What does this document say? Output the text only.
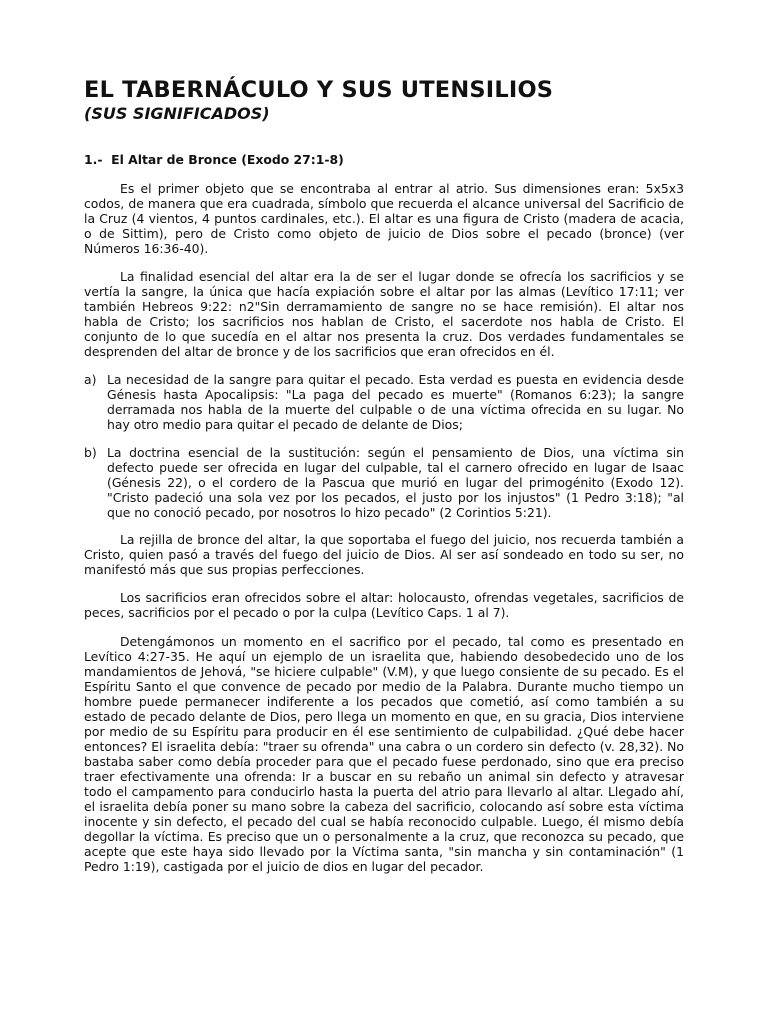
EL TABERNÁCULO Y SUS UTENSILIOS
(SUS SIGNIFICADOS)
1.-  El Altar de Bronce (Exodo 27:1-8)

Es el primer objeto que se encontraba al entrar al atrio. Sus dimensiones eran: 5x5x3 codos, de manera que era cuadrada, símbolo que recuerda el alcance universal del Sacrificio de la Cruz (4 vientos, 4 puntos cardinales, etc.). El altar es una figura de Cristo (madera de acacia, o de Sittim), pero de Cristo como objeto de juicio de Dios sobre el pecado (bronce) (ver Números 16:36-40).

La finalidad esencial del altar era la de ser el lugar donde se ofrecía los sacrificios y se vertía la sangre, la única que hacía expiación sobre el altar por las almas (Levítico 17:11; ver también Hebreos 9:22: n2"Sin derramamiento de sangre no se hace remisión). El altar nos habla de Cristo; los sacrificios nos hablan de Cristo, el sacerdote nos habla de Cristo. El conjunto de lo que sucedía en el altar nos presenta la cruz. Dos verdades fundamentales se desprenden del altar de bronce y de los sacrificios que eran ofrecidos en él.

a) La necesidad de la sangre para quitar el pecado. Esta verdad es puesta en evidencia desde Génesis hasta Apocalipsis: "La paga del pecado es muerte" (Romanos 6:23); la sangre derramada nos habla de la muerte del culpable o de una víctima ofrecida en su lugar. No hay otro medio para quitar el pecado de delante de Dios;

b) La doctrina esencial de la sustitución: según el pensamiento de Dios, una víctima sin defecto puede ser ofrecida en lugar del culpable, tal el carnero ofrecido en lugar de Isaac (Génesis 22), o el cordero de la Pascua que murió en lugar del primogénito (Exodo 12). "Cristo padeció una sola vez por los pecados, el justo por los injustos" (1 Pedro 3:18); "al que no conoció pecado, por nosotros lo hizo pecado" (2 Corintios 5:21).

La rejilla de bronce del altar, la que soportaba el fuego del juicio, nos recuerda también a Cristo, quien pasó a través del fuego del juicio de Dios. Al ser así sondeado en todo su ser, no manifestó más que sus propias perfecciones.

Los sacrificios eran ofrecidos sobre el altar: holocausto, ofrendas vegetales, sacrificios de peces, sacrificios por el pecado o por la culpa (Levítico Caps. 1 al 7).

Detengámonos un momento en el sacrifico por el pecado, tal como es presentado en Levítico 4:27-35. He aquí un ejemplo de un israelita que, habiendo desobedecido uno de los mandamientos de Jehová, "se hiciere culpable" (V.M), y que luego consiente de su pecado. Es el Espíritu Santo el que convence de pecado por medio de la Palabra. Durante mucho tiempo un hombre puede permanecer indiferente a los pecados que cometió, así como también a su estado de pecado delante de Dios, pero llega un momento en que, en su gracia, Dios interviene por medio de su Espíritu para producir en él ese sentimiento de culpabilidad. ¿Qué debe hacer entonces? El israelita debía: "traer su ofrenda" una cabra o un cordero sin defecto (v. 28,32). No bastaba saber como debía proceder para que el pecado fuese perdonado, sino que era preciso traer efectivamente una ofrenda: Ir a buscar en su rebaño un animal sin defecto y atravesar todo el campamento para conducirlo hasta la puerta del atrio para llevarlo al altar. Llegado ahí, el israelita debía poner su mano sobre la cabeza del sacrificio, colocando así sobre esta víctima inocente y sin defecto, el pecado del cual se había reconocido culpable. Luego, él mismo debía degollar la víctima. Es preciso que un o personalmente a la cruz, que reconozca su pecado, que acepte que este haya sido llevado por la Víctima santa, "sin mancha y sin contaminación" (1 Pedro 1:19), castigada por el juicio de dios en lugar del pecador.
